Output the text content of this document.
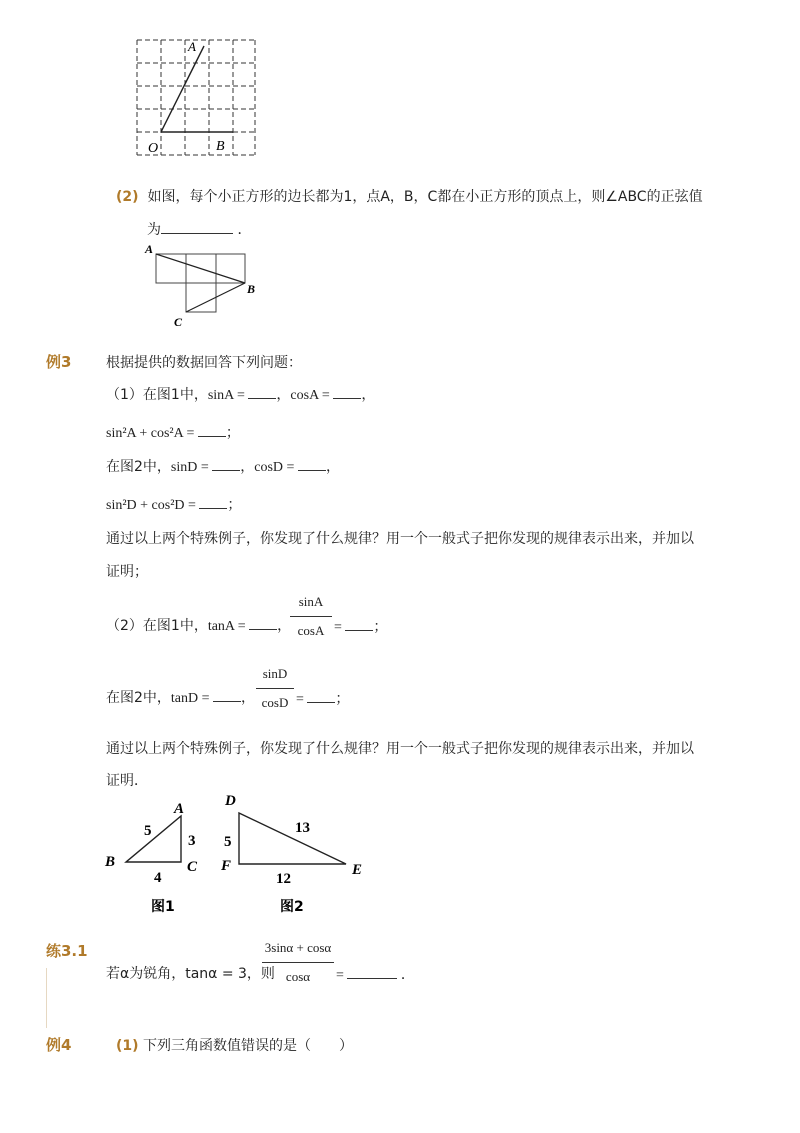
A
O	B
(2) 如图，每个小正方形的边长都为1，点A，B，C都在小正方形的顶点上，则∠ABC的正弦值
为	．
A
B
C
例3 根据提供的数据回答下列问题：
（1）在图1中，sinA = ，cosA = ，
sin²A + cos²A = ；
在图2中，sinD = ，cosD = ，
sin²D + cos²D = ；
通过以上两个特殊例子，你发现了什么规律？用一个一般式子把你发现的规律表示出来，并加以
证明；
（2）在图1中，tanA = ，
sinA
cosA = ；
在图2中，tanD = ，
sinD
cosD = ；
通过以上两个特殊例子，你发现了什么规律？用一个一般式子把你发现的规律表示出来，并加以
证明．
A
B	C
5
3
4
图1
D
E
F
13
5
12
图2
练3.1
若α为锐角，tanα = 3，则
3sinα + cosα
cosα	=	．
例4	(1) 下列三角函数值错误的是（　　）
